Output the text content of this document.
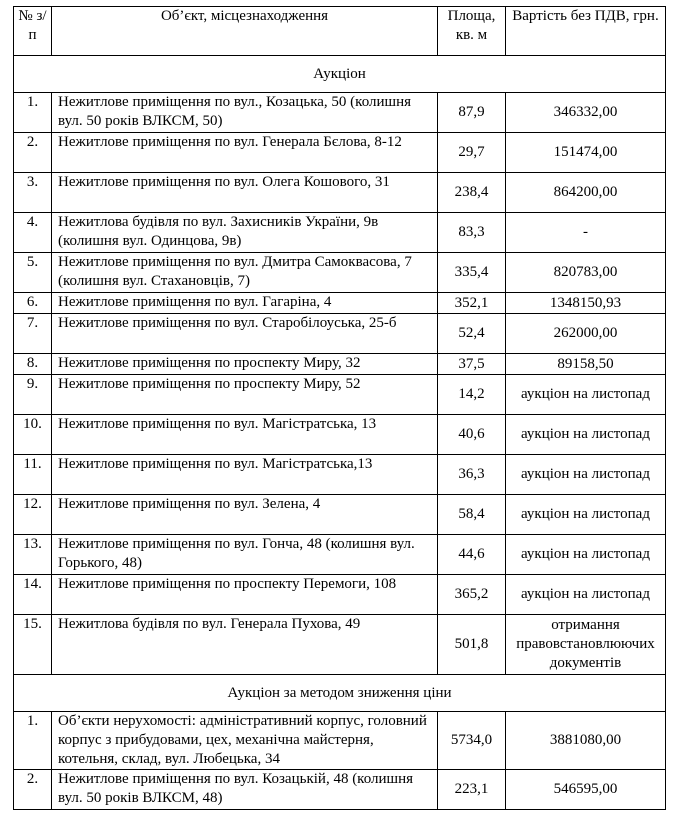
№ з/п	Об’єкт, місцезнаходження	Площа, кв. м	Вартість без ПДВ, грн.
Аукціон			
1.	Нежитлове приміщення по вул., Козацька, 50 (колишня вул. 50 років ВЛКСМ, 50)	87,9	346332,00
2.	Нежитлове приміщення по вул. Генерала Бєлова, 8-12	29,7	151474,00
3.	Нежитлове приміщення по вул. Олега Кошового, 31	238,4	864200,00
4.	Нежитлова будівля по вул. Захисників України, 9в (колишня вул. Одинцова, 9в)	83,3	-
5.	Нежитлове приміщення по вул. Дмитра Самоквасова, 7 (колишня вул. Стахановців, 7)	335,4	820783,00
6.	Нежитлове приміщення по вул. Гагаріна, 4	352,1	1348150,93
7.	Нежитлове приміщення по вул. Старобілоуська, 25-б	52,4	262000,00
8.	Нежитлове приміщення по проспекту Миру, 32	37,5	89158,50
9.	Нежитлове приміщення по проспекту Миру, 52	14,2	аукціон на листопад
10.	Нежитлове приміщення по вул. Магістратська, 13	40,6	аукціон на листопад
11.	Нежитлове приміщення по вул. Магістратська,13	36,3	аукціон на листопад
12.	Нежитлове приміщення по вул. Зелена, 4	58,4	аукціон на листопад
13.	Нежитлове приміщення по вул. Гонча, 48 (колишня вул. Горького, 48)	44,6	аукціон на листопад
14.	Нежитлове приміщення по проспекту Перемоги, 108	365,2	аукціон на листопад
15.	Нежитлова будівля по вул. Генерала Пухова, 49	501,8	отримання правовстановлюючих документів
Аукціон за методом зниження ціни			
1.	Об’єкти нерухомості: адміністративний корпус, головний корпус з прибудовами, цех, механічна майстерня, котельня, склад, вул. Любецька, 34	5734,0	3881080,00
2.	Нежитлове приміщення по вул. Козацькій, 48 (колишня вул. 50 років ВЛКСМ, 48)	223,1	546595,00
